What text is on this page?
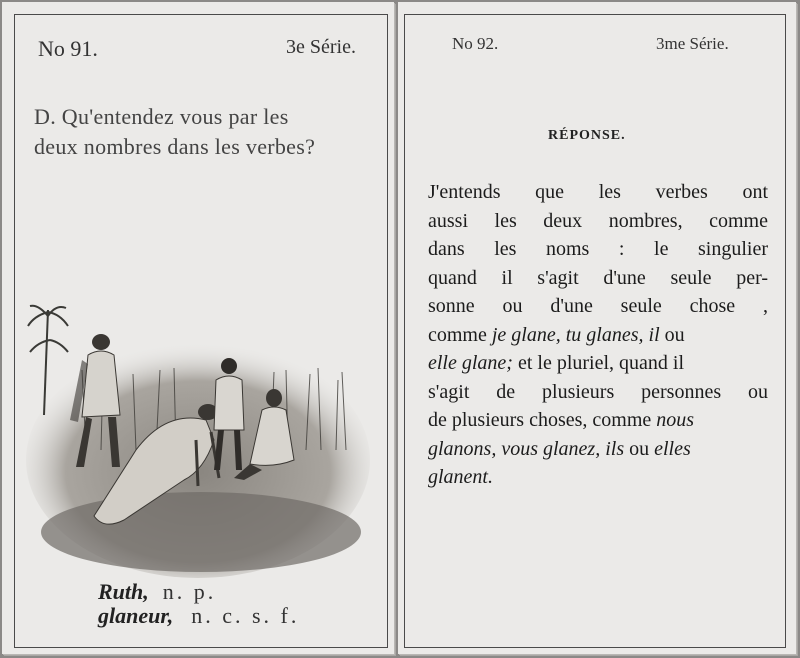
No 91.	3e Série.
D. Qu'entendez vous par les
deux nombres dans les verbes?
Ruth, n. p.
glaneur, n. c. s. f.
No 92.	3me Série.
RÉPONSE.
J'entends que les verbes ont
aussi les deux nombres, comme
dans les noms : le singulier
quand il s'agit d'une seule per-
sonne ou d'une seule chose ,
comme je glane, tu glanes, il ou
elle glane; et le pluriel, quand il
s'agit de plusieurs personnes ou
de plusieurs choses, comme nous
glanons, vous glanez, ils ou elles
glanent.
